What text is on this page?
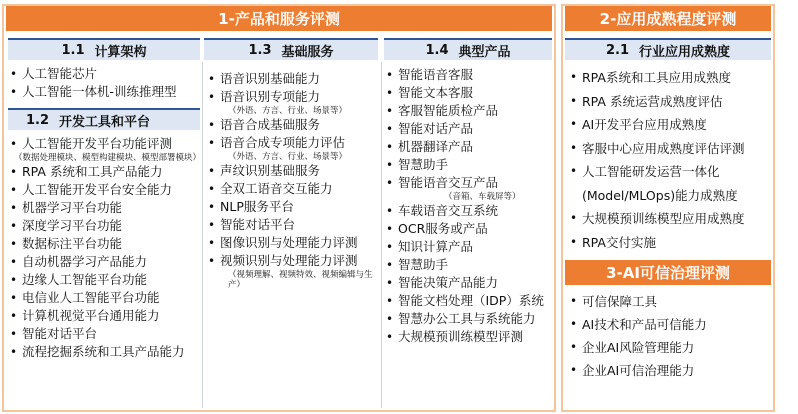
1-产品和服务评测	2-应用成熟程度评测
3-AI可信治理评测
1.1 计算架构
1.2 开发工具和平台
1.3 基础服务	1.4 典型产品	2.1 行业应用成熟度
• 人工智能芯片
• 人工智能一体机-训练推理型
• 人工智能开发平台功能评测
（数据处理模块、模型构建模块、模型部署模块）
• RPA 系统和工具产品能力
• 人工智能开发平台安全能力
• 机器学习平台功能
• 深度学习平台功能
• 数据标注平台功能
• 自动机器学习产品能力
• 边缘人工智能平台功能
• 电信业人工智能平台功能
• 计算机视觉平台通用能力
• 智能对话平台
• 流程挖掘系统和工具产品能力
• 语音识别基础能力
• 语音识别专项能力
（外语、方言、行业、场景等）
• 语音合成基础服务
• 语音合成专项能力评估
（外语、方言、行业、场景等）
• 声纹识别基础服务
• 全双工语音交互能力
• NLP服务平台
• 智能对话平台
• 图像识别与处理能力评测
• 视频识别与处理能力评测
（视频理解、视频特效、视频编辑与生产）
• 智能语音客服
• 智能文本客服
• 客服智能质检产品
• 智能对话产品
• 机器翻译产品
• 智慧助手
• 智能语音交互产品
（音箱、车载屏等）
• 车载语音交互系统
• OCR服务或产品
• 知识计算产品
• 智慧助手
• 智能决策产品能力
• 智能文档处理（IDP）系统
• 智慧办公工具与系统能力
• 大规模预训练模型评测
• RPA系统和工具应用成熟度
• RPA 系统运营成熟度评估
• AI开发平台应用成熟度
• 客服中心应用成熟度评估评测
• 人工智能研发运营一体化
(Model/MLOps)能力成熟度
• 大规模预训练模型应用成熟度
• RPA交付实施
• 可信保障工具
• AI技术和产品可信能力
• 企业AI风险管理能力
• 企业AI可信治理能力
